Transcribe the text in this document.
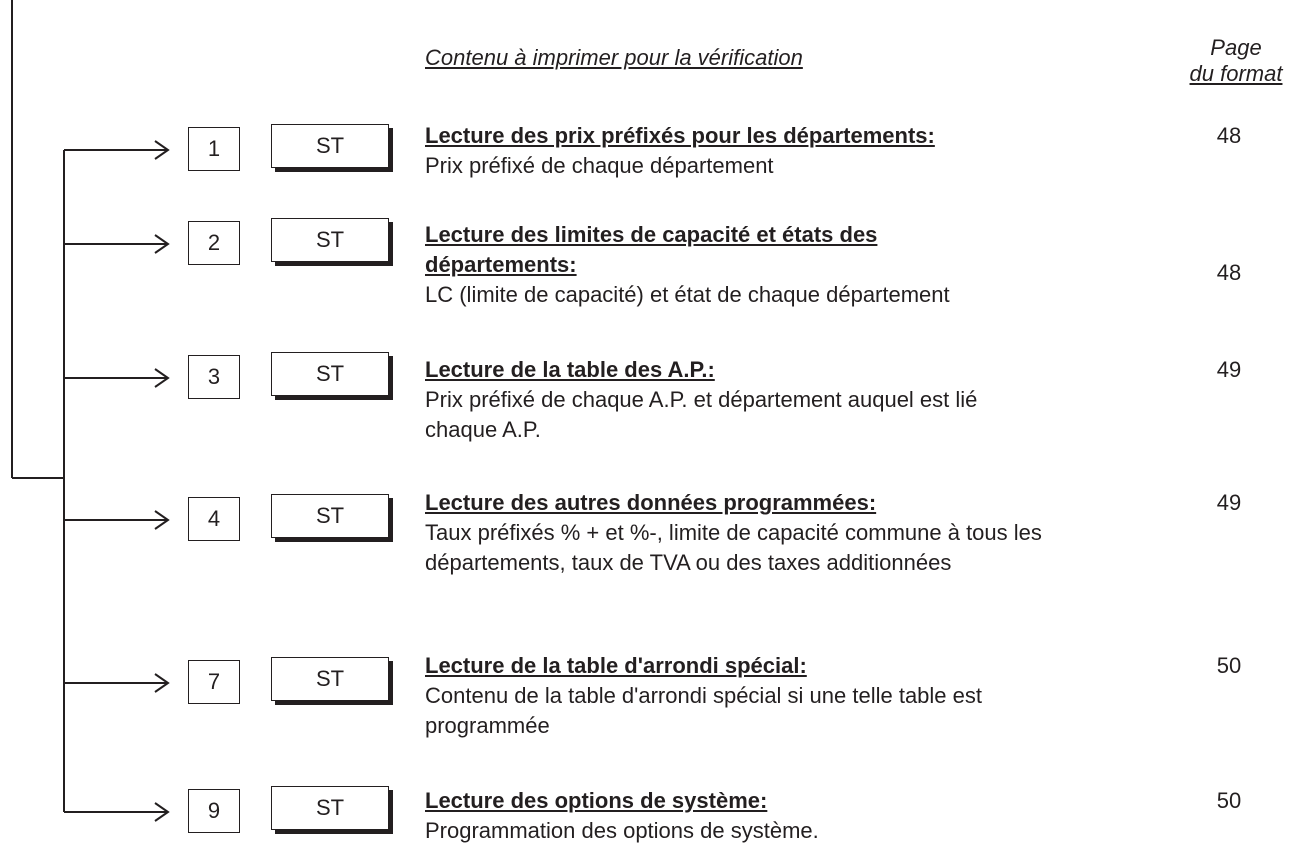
Contenu à imprimer pour la vérification	Page
du format
1	ST	Lecture des prix préfixés pour les départements:
Prix préfixé de chaque département
48
2	ST	Lecture des limites de capacité et états des départements:
LC (limite de capacité) et état de chaque département
48
3	ST	Lecture de la table des A.P.:
Prix préfixé de chaque A.P. et département auquel est lié chaque A.P.
49
4	ST
Lecture des autres données programmées:
Taux préfixés % + et %-, limite de capacité commune à tous les départements, taux de TVA ou des taxes additionnées
49
7	ST
Lecture de la table d'arrondi spécial:
Contenu de la table d'arrondi spécial si une telle table est programmée
50
9	ST	Lecture des options de système:
Programmation des options de système.
50
